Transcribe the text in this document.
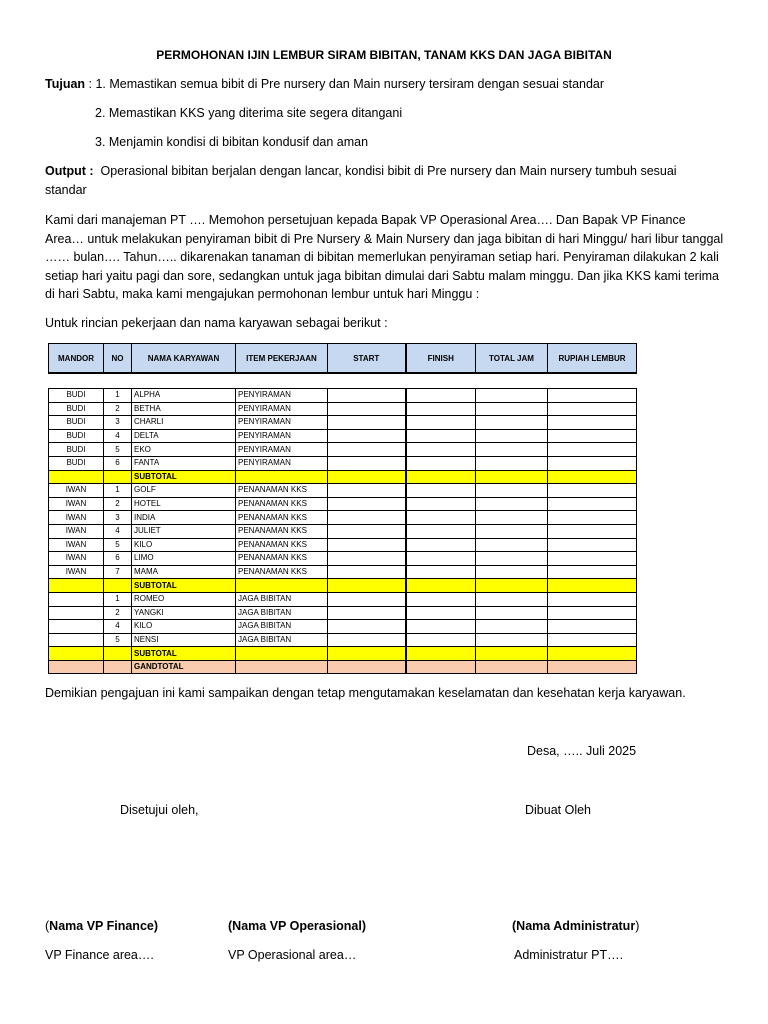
PERMOHONAN IJIN LEMBUR SIRAM BIBITAN, TANAM KKS DAN JAGA BIBITAN
Tujuan : 1. Memastikan semua bibit di Pre nursery dan Main nursery tersiram dengan sesuai standar
2. Memastikan KKS yang diterima site segera ditangani
3. Menjamin kondisi di bibitan kondusif dan aman
Output : Operasional bibitan berjalan dengan lancar, kondisi bibit di Pre nursery dan Main nursery tumbuh sesuai
standar
Kami dari manajeman PT …. Memohon persetujuan kepada Bapak VP Operasional Area…. Dan Bapak VP Finance Area… untuk melakukan penyiraman bibit di Pre Nursery & Main Nursery dan jaga bibitan di hari Minggu/ hari libur tanggal …… bulan…. Tahun….. dikarenakan tanaman di bibitan memerlukan penyiraman setiap hari. Penyiraman dilakukan 2 kali setiap hari yaitu pagi dan sore, sedangkan untuk jaga bibitan dimulai dari Sabtu malam minggu. Dan jika KKS kami terima di hari Sabtu, maka kami mengajukan permohonan lembur untuk hari Minggu :
Untuk rincian pekerjaan dan nama karyawan sebagai berikut :
MANDOR	NO	NAMA KARYAWAN	ITEM PEKERJAAN	START	FINISH	TOTAL JAM	RUPIAH LEMBUR

BUDI	1	ALPHA	PENYIRAMAN				
BUDI	2	BETHA	PENYIRAMAN				
BUDI	3	CHARLI	PENYIRAMAN				
BUDI	4	DELTA	PENYIRAMAN				
BUDI	5	EKO	PENYIRAMAN				
BUDI	6	FANTA	PENYIRAMAN				
		SUBTOTAL					
IWAN	1	GOLF	PENANAMAN KKS				
IWAN	2	HOTEL	PENANAMAN KKS				
IWAN	3	INDIA	PENANAMAN KKS				
IWAN	4	JULIET	PENANAMAN KKS				
IWAN	5	KILO	PENANAMAN KKS				
IWAN	6	LIMO	PENANAMAN KKS				
IWAN	7	MAMA	PENANAMAN KKS				
		SUBTOTAL					
	1	ROMEO	JAGA BIBITAN				
	2	YANGKI	JAGA BIBITAN				
	4	KILO	JAGA BIBITAN				
	5	NENSI	JAGA BIBITAN				
		SUBTOTAL					
		GANDTOTAL					
Demikian pengajuan ini kami sampaikan dengan tetap mengutamakan keselamatan dan kesehatan kerja karyawan.
Desa, ….. Juli 2025
Disetujui oleh,	Dibuat Oleh
(Nama VP Finance)	(Nama VP Operasional)	(Nama Administratur)
VP Finance area….	VP Operasional area…	Administratur PT….
